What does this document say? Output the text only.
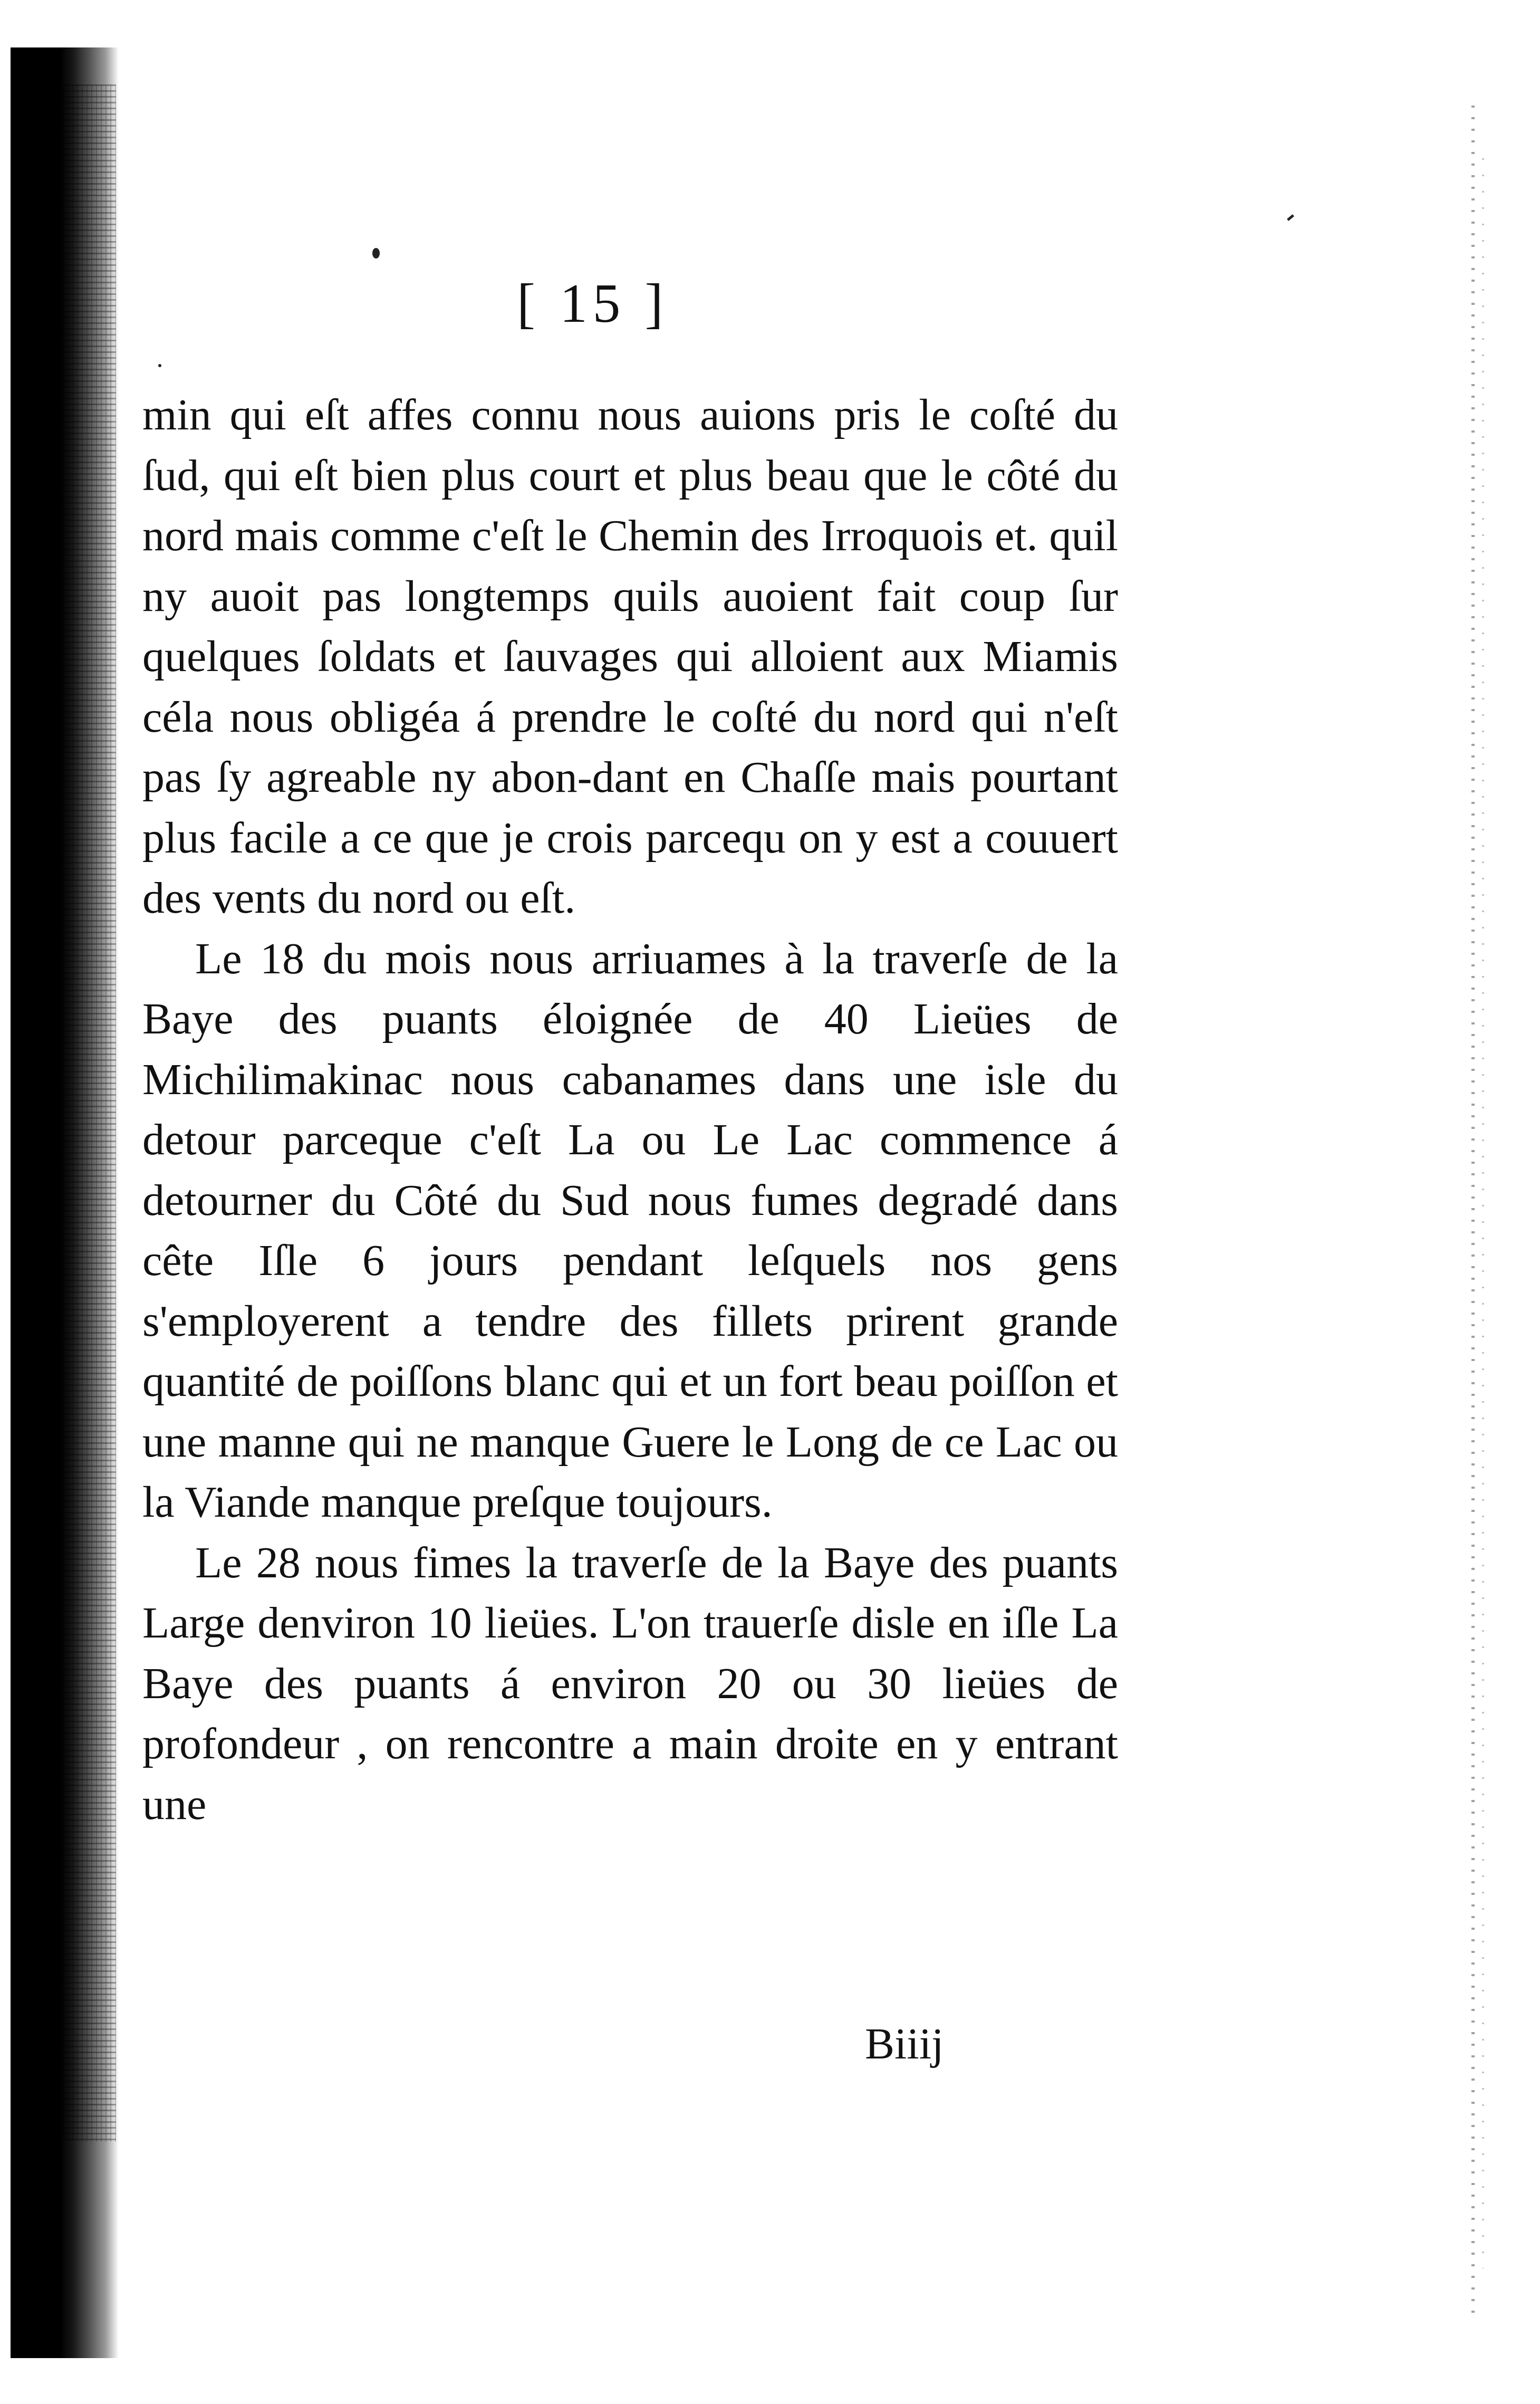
[ 15 ]

min qui eſt affes connu nous auions pris le coſté du ſud, qui eſt bien plus court et plus beau que le côté du nord mais comme c'eſt le Chemin des Irroquois et. quil ny auoit pas longtemps quils auoient fait coup ſur quelques ſoldats et ſauvages qui alloient aux Miamis céla nous obligéa á prendre le coſté du nord qui n'eſt pas ſy agreable ny abon-dant en Chaſſe mais pourtant plus facile a ce que je crois parcequ on y est a couuert des vents du nord ou eſt.

Le 18 du mois nous arriuames à la traverſe de la Baye des puants éloignée de 40 Lieües de Michilimakinac nous cabanames dans une isle du detour parceque c'eſt La ou Le Lac commence á detourner du Côté du Sud nous fumes degradé dans cête Iſle 6 jours pendant leſquels nos gens s'employerent a tendre des fillets prirent grande quantité de poiſſons blanc qui et un fort beau poiſſon et une manne qui ne manque Guere le Long de ce Lac ou la Viande manque preſque toujours.

Le 28 nous fimes la traverſe de la Baye des puants Large denviron 10 lieües. L'on trauerſe disle en iſle La Baye des puants á environ 20 ou 30 lieües de profondeur , on rencontre a main droite en y entrant une

Biiij
